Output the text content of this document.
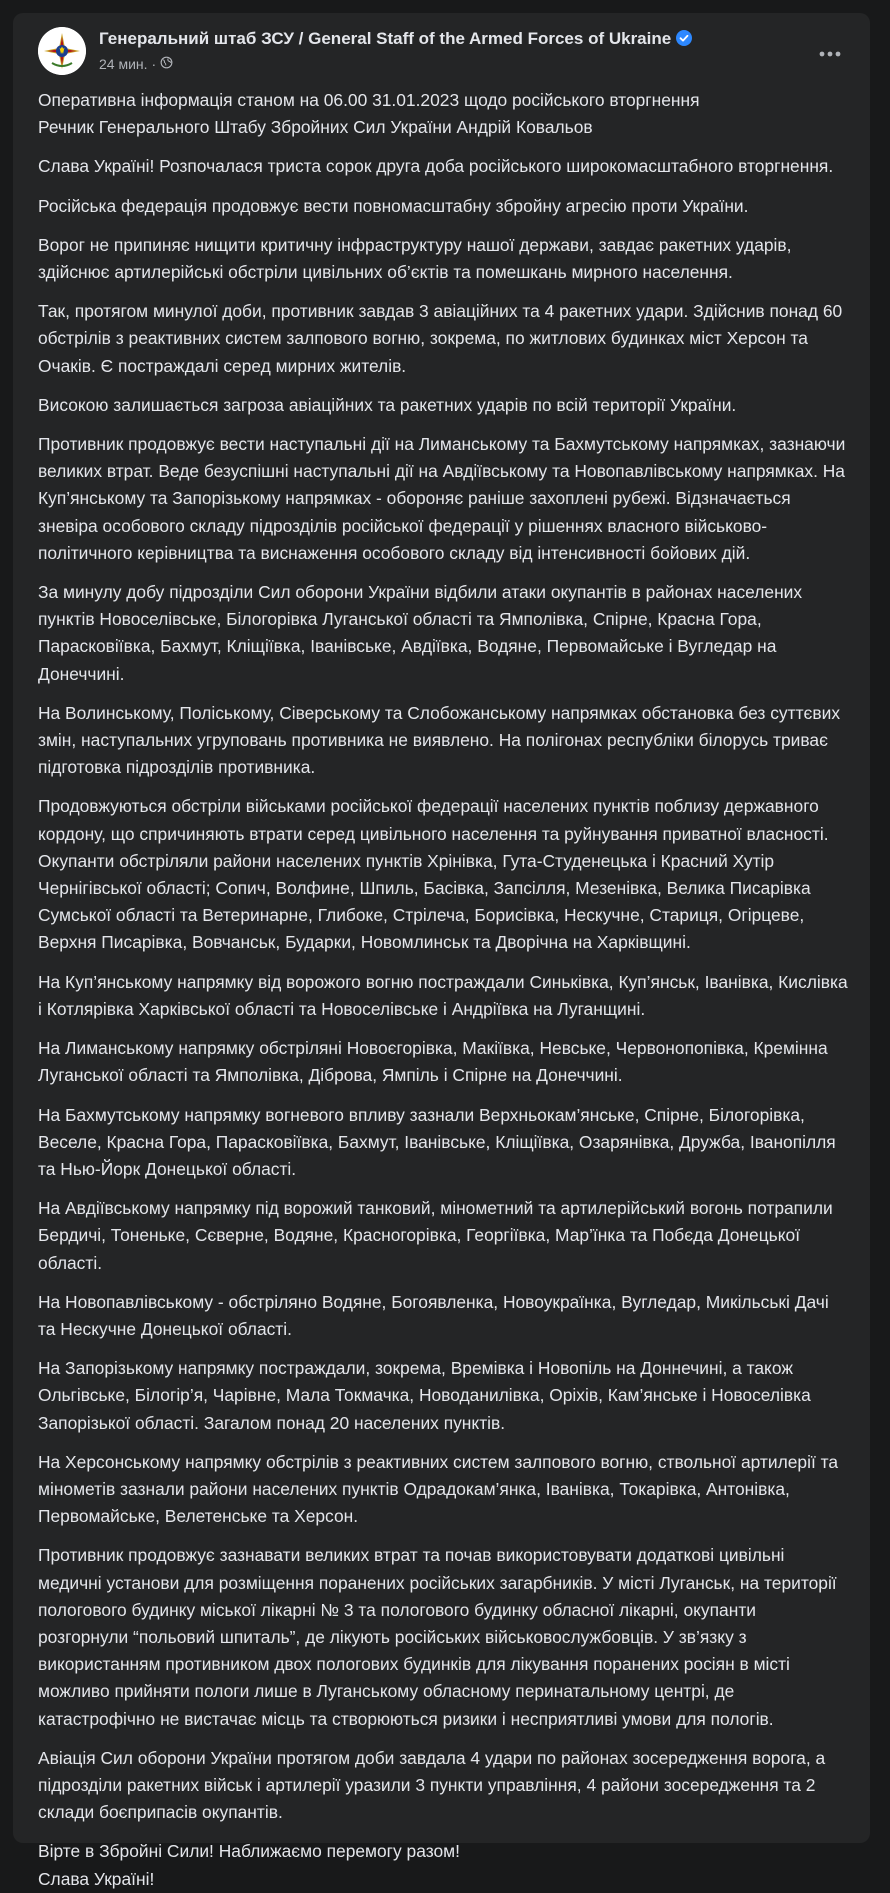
Генеральний штаб ЗСУ / General Staff of the Armed Forces of Ukraine
24 мин. ·

Оперативна інформація станом на 06.00 31.01.2023 щодо російського вторгнення
Речник Генерального Штабу Збройних Сил України Андрій Ковальов

Слава Україні! Розпочалася триста сорок друга доба російського широкомасштабного вторгнення.

Російська федерація продовжує вести повномасштабну збройну агресію проти України.

Ворог не припиняє нищити критичну інфраструктуру нашої держави, завдає ракетних ударів, здійснює артилерійські обстріли цивільних об’єктів та помешкань мирного населення.

Так, протягом минулої доби, противник завдав 3 авіаційних та 4 ракетних удари. Здійснив понад 60 обстрілів з реактивних систем залпового вогню, зокрема, по житлових будинках міст Херсон та Очаків. Є постраждалі серед мирних жителів.

Високою залишається загроза авіаційних та ракетних ударів по всій території України.

Противник продовжує вести наступальні дії на Лиманському та Бахмутському напрямках, зазнаючи великих втрат. Веде безуспішні наступальні дії на Авдіївському та Новопавлівському напрямках. На Куп’янському та Запорізькому напрямках - обороняє раніше захоплені рубежі. Відзначається зневіра особового складу підрозділів російської федерації у рішеннях власного військово-політичного керівництва та виснаження особового складу від інтенсивності бойових дій.

За минулу добу підрозділи Сил оборони України відбили атаки окупантів в районах населених пунктів Новоселівське, Білогорівка Луганської області та Ямполівка, Спірне, Красна Гора, Парасковіївка, Бахмут, Кліщіївка, Іванівське, Авдіївка, Водяне, Первомайське і Вугледар на Донеччині.

На Волинському, Поліському, Сіверському та Слобожанському напрямках обстановка без суттєвих змін, наступальних угруповань противника не виявлено. На полігонах республіки білорусь триває підготовка підрозділів противника.

Продовжуються обстріли військами російської федерації населених пунктів поблизу державного кордону, що спричиняють втрати серед цивільного населення та руйнування приватної власності. Окупанти обстріляли райони населених пунктів Хрінівка, Гута-Студенецька і Красний Хутір Чернігівської області; Сопич, Волфине, Шпиль, Басівка, Запсілля, Мезенівка, Велика Писарівка Сумської області та Ветеринарне, Глибоке, Стрілеча, Борисівка, Нескучне, Стариця, Огірцеве, Верхня Писарівка, Вовчанськ, Бударки, Новомлинськ та Дворічна на Харківщині.

На Куп’янському напрямку від ворожого вогню постраждали Синьківка, Куп’янськ, Іванівка, Кислівка і Котлярівка Харківської області та Новоселівське і Андріївка на Луганщині.

На Лиманському напрямку обстріляні Новоєгорівка, Макіївка, Невське, Червонопопівка, Кремінна Луганської області та Ямполівка, Діброва, Ямпіль і Спірне на Донеччині.

На Бахмутському напрямку вогневого впливу зазнали Верхньокам’янське, Спірне, Білогорівка, Веселе, Красна Гора, Парасковіївка, Бахмут, Іванівське, Кліщіївка, Озарянівка, Дружба, Іванопілля та Нью-Йорк Донецької області.

На Авдіївському напрямку під ворожий танковий, мінометний та артилерійський вогонь потрапили Бердичі, Тоненьке, Сєверне, Водяне, Красногорівка, Георгіївка, Мар’їнка та Побєда Донецької області.

На Новопавлівському - обстріляно Водяне, Богоявленка, Новоукраїнка, Вугледар, Микільські Дачі та Нескучне Донецької області.

На Запорізькому напрямку постраждали, зокрема, Времівка і Новопіль на Доннечині, а також Ольгівське, Білогір’я, Чарівне, Мала Токмачка, Новоданилівка, Оріхів, Кам’янське і Новоселівка Запорізької області. Загалом понад 20 населених пунктів.

На Херсонському напрямку обстрілів з реактивних систем залпового вогню, ствольної артилерії та мінометів зазнали райони населених пунктів Одрадокам’янка, Іванівка, Токарівка, Антонівка, Первомайське, Велетенське та Херсон.

Противник продовжує зазнавати великих втрат та почав використовувати додаткові цивільні медичні установи для розміщення поранених російських загарбників. У місті Луганськ, на території пологового будинку міської лікарні № 3 та пологового будинку обласної лікарні, окупанти розгорнули “польовий шпиталь”, де лікують російських військовослужбовців. У зв’язку з використанням противником двох пологових будинків для лікування поранених росіян в місті можливо прийняти пологи лише в Луганському обласному перинатальному центрі, де катастрофічно не вистачає місць та створюються ризики і несприятливі умови для пологів.

Авіація Сил оборони України протягом доби завдала 4 удари по районах зосередження ворога, а підрозділи ракетних військ і артилерії уразили 3 пункти управління, 4 райони зосередження та 2 склади боєприпасів окупантів.

Вірте в Збройні Сили! Наближаємо перемогу разом!

Слава Україні!
